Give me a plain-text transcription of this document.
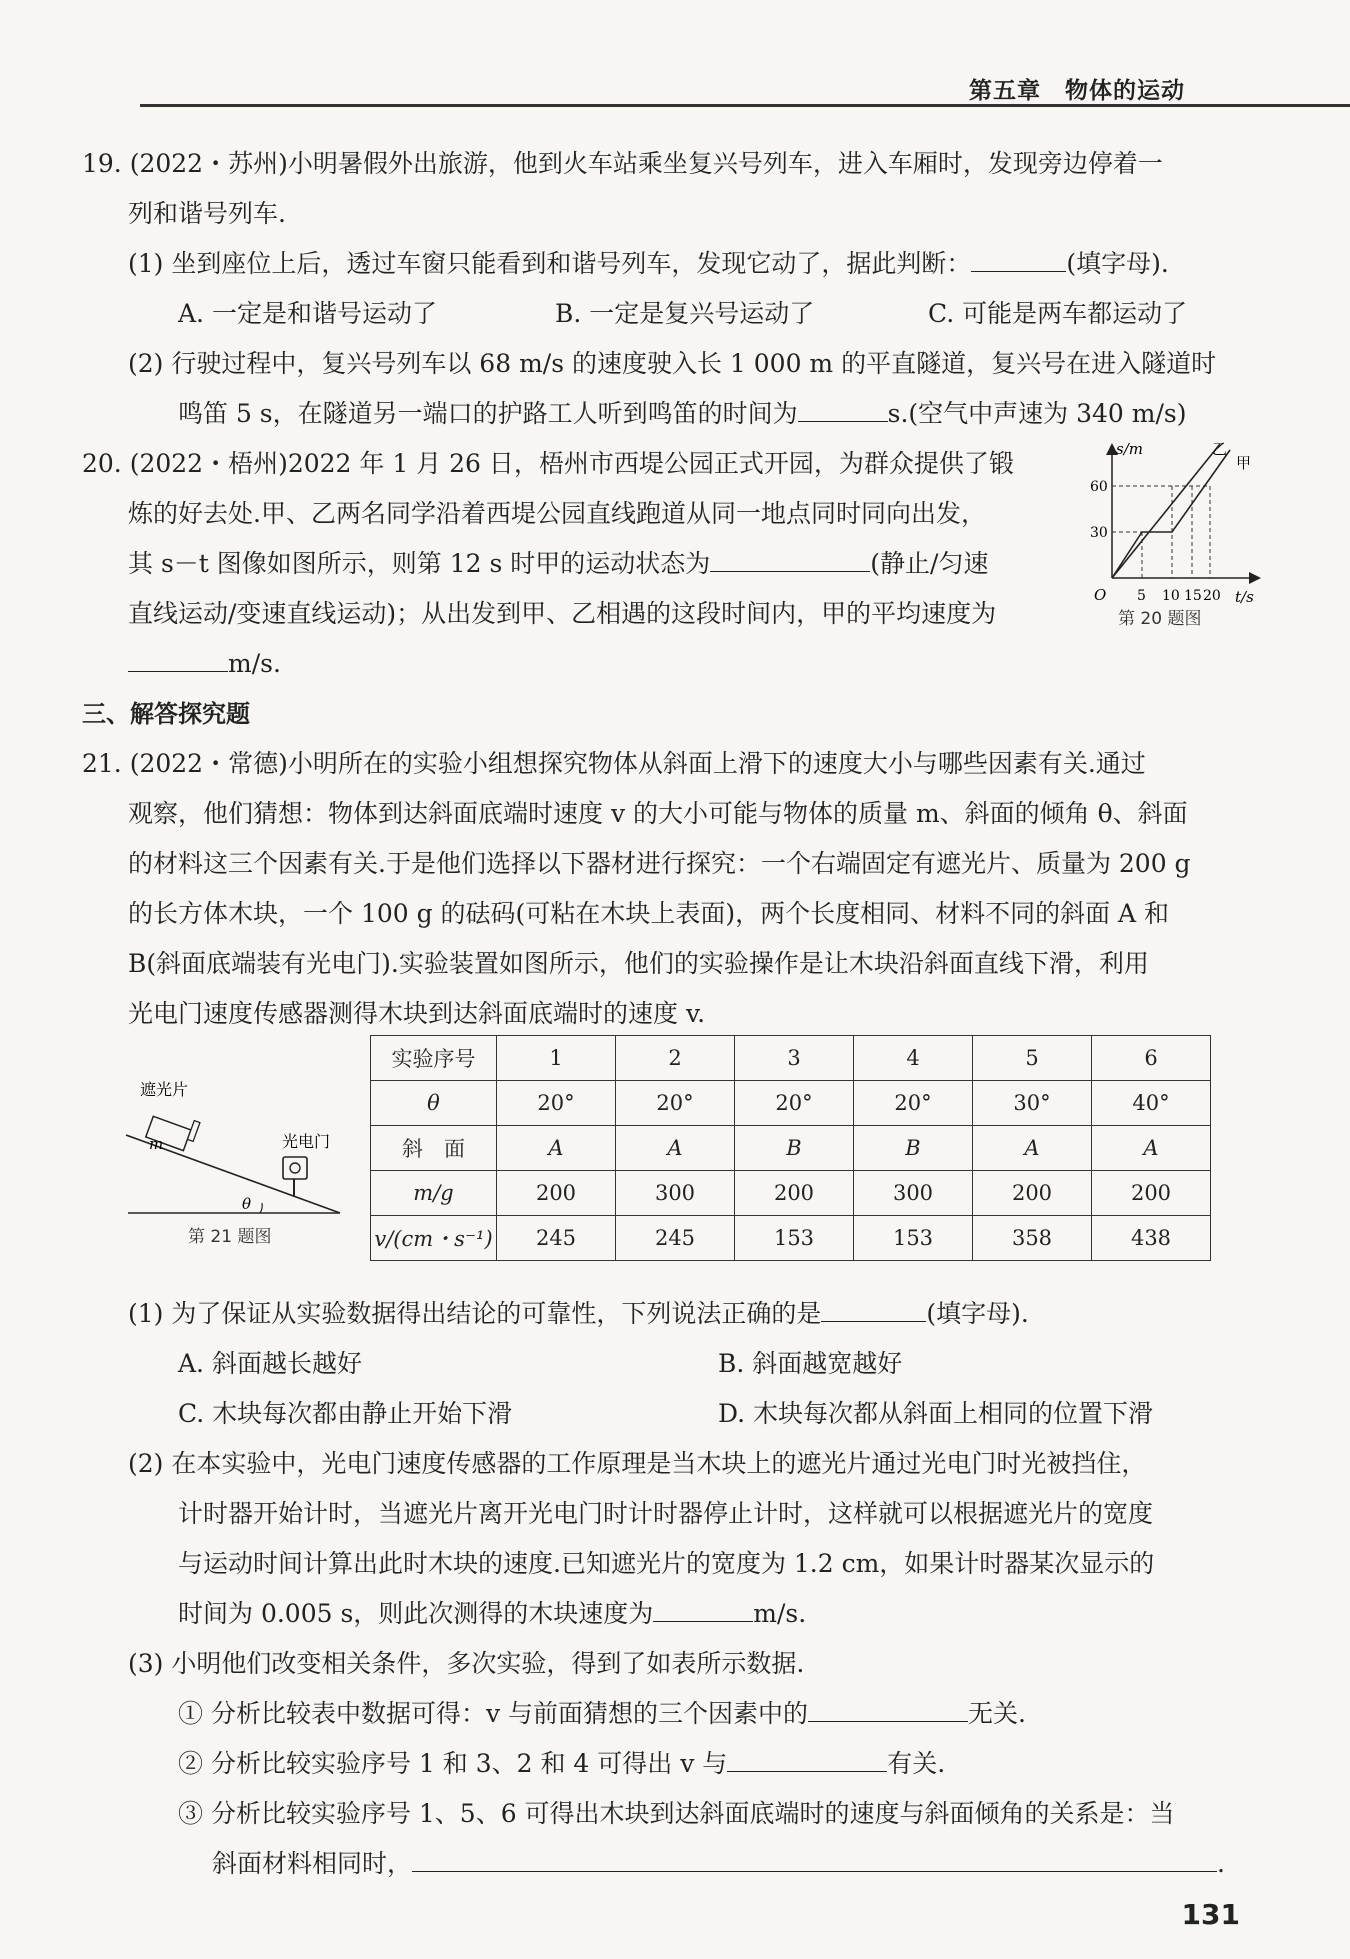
第五章　物体的运动
19. (2022・苏州)小明暑假外出旅游，他到火车站乘坐复兴号列车，进入车厢时，发现旁边停着一
列和谐号列车.
(1) 坐到座位上后，透过车窗只能看到和谐号列车，发现它动了，据此判断：	(填字母).
A. 一定是和谐号运动了	B. 一定是复兴号运动了	C. 可能是两车都运动了
(2) 行驶过程中，复兴号列车以 68 m/s 的速度驶入长 1 000 m 的平直隧道，复兴号在进入隧道时
鸣笛 5 s，在隧道另一端口的护路工人听到鸣笛的时间为	s.(空气中声速为 340 m/s)
20. (2022・梧州)2022 年 1 月 26 日，梧州市西堤公园正式开园，为群众提供了锻
炼的好去处.甲、乙两名同学沿着西堤公园直线跑道从同一地点同时同向出发，
其 s－t 图像如图所示，则第 12 s 时甲的运动状态为	(静止/匀速
直线运动/变速直线运动)；从出发到甲、乙相遇的这段时间内，甲的平均速度为
m/s.
s/m
t/s
O
30
60
5 10 15 20
甲
乙
第 20 题图
三、解答探究题
21. (2022・常德)小明所在的实验小组想探究物体从斜面上滑下的速度大小与哪些因素有关.通过
观察，他们猜想：物体到达斜面底端时速度 v 的大小可能与物体的质量 m、斜面的倾角 θ、斜面
的材料这三个因素有关.于是他们选择以下器材进行探究：一个右端固定有遮光片、质量为 200 g
的长方体木块，一个 100 g 的砝码(可粘在木块上表面)，两个长度相同、材料不同的斜面 A 和
B(斜面底端装有光电门).实验装置如图所示，他们的实验操作是让木块沿斜面直线下滑，利用
光电门速度传感器测得木块到达斜面底端时的速度 v.
m
θ
遮光片
光电门
第 21 题图
实验序号	1	2	3	4	5	6
θ	20°	20°	20°	20°	30°	40°
斜　面	A	A	B	B	A	A
m/g	200	300	200	300	200	200
v/(cm・s⁻¹)	245	245	153	153	358	438
(1) 为了保证从实验数据得出结论的可靠性，下列说法正确的是	(填字母).
A. 斜面越长越好	B. 斜面越宽越好
C. 木块每次都由静止开始下滑	D. 木块每次都从斜面上相同的位置下滑
(2) 在本实验中，光电门速度传感器的工作原理是当木块上的遮光片通过光电门时光被挡住，
计时器开始计时，当遮光片离开光电门时计时器停止计时，这样就可以根据遮光片的宽度
与运动时间计算出此时木块的速度.已知遮光片的宽度为 1.2 cm，如果计时器某次显示的
时间为 0.005 s，则此次测得的木块速度为	m/s.
(3) 小明他们改变相关条件，多次实验，得到了如表所示数据.
① 分析比较表中数据可得：v 与前面猜想的三个因素中的	无关.
② 分析比较实验序号 1 和 3、2 和 4 可得出 v 与	有关.
③ 分析比较实验序号 1、5、6 可得出木块到达斜面底端时的速度与斜面倾角的关系是：当
斜面材料相同时，	.
131
